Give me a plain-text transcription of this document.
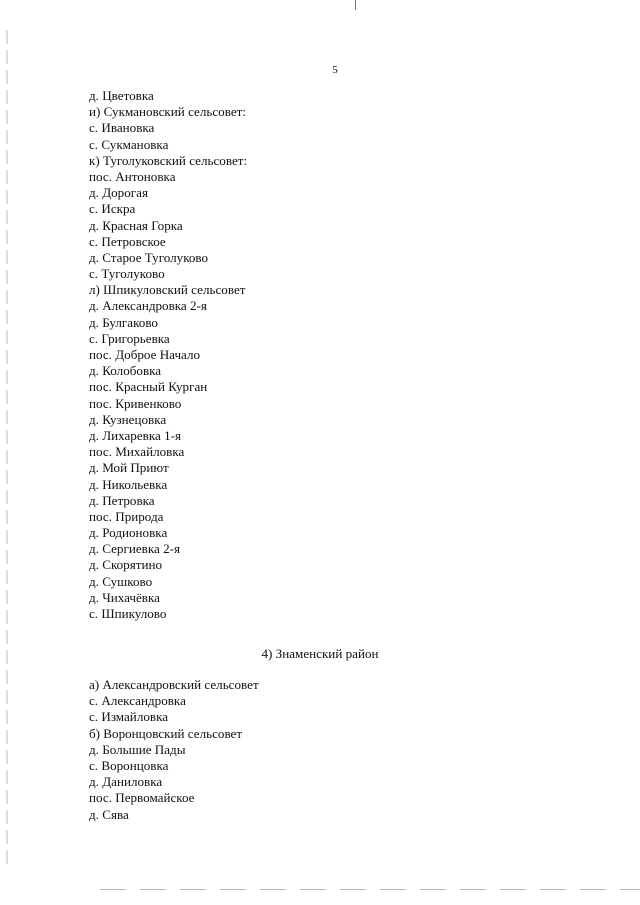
5
д. Цветовка
и) Сукмановский сельсовет:
с. Ивановка
с. Сукмановка
к) Туголуковский сельсовет:
пос. Антоновка
д. Дорогая
с. Искра
д. Красная Горка
с. Петровское
д. Старое Туголуково
с. Туголуково
л) Шпикуловский сельсовет
д. Александровка 2-я
д. Булгаково
с. Григорьевка
пос. Доброе Начало
д. Колобовка
пос. Красный Курган
пос. Кривенково
д. Кузнецовка
д. Лихаревка 1-я
пос. Михайловка
д. Мой Приют
д. Никольевка
д. Петровка
пос. Природа
д. Родионовка
д. Сергиевка 2-я
д. Скорятино
д. Сушково
д. Чихачёвка
с. Шпикулово
4) Знаменский район
а) Александровский сельсовет
с. Александровка
с. Измайловка
б) Воронцовский сельсовет
д. Большие Пады
с. Воронцовка
д. Даниловка
пос. Первомайское
д. Сява
